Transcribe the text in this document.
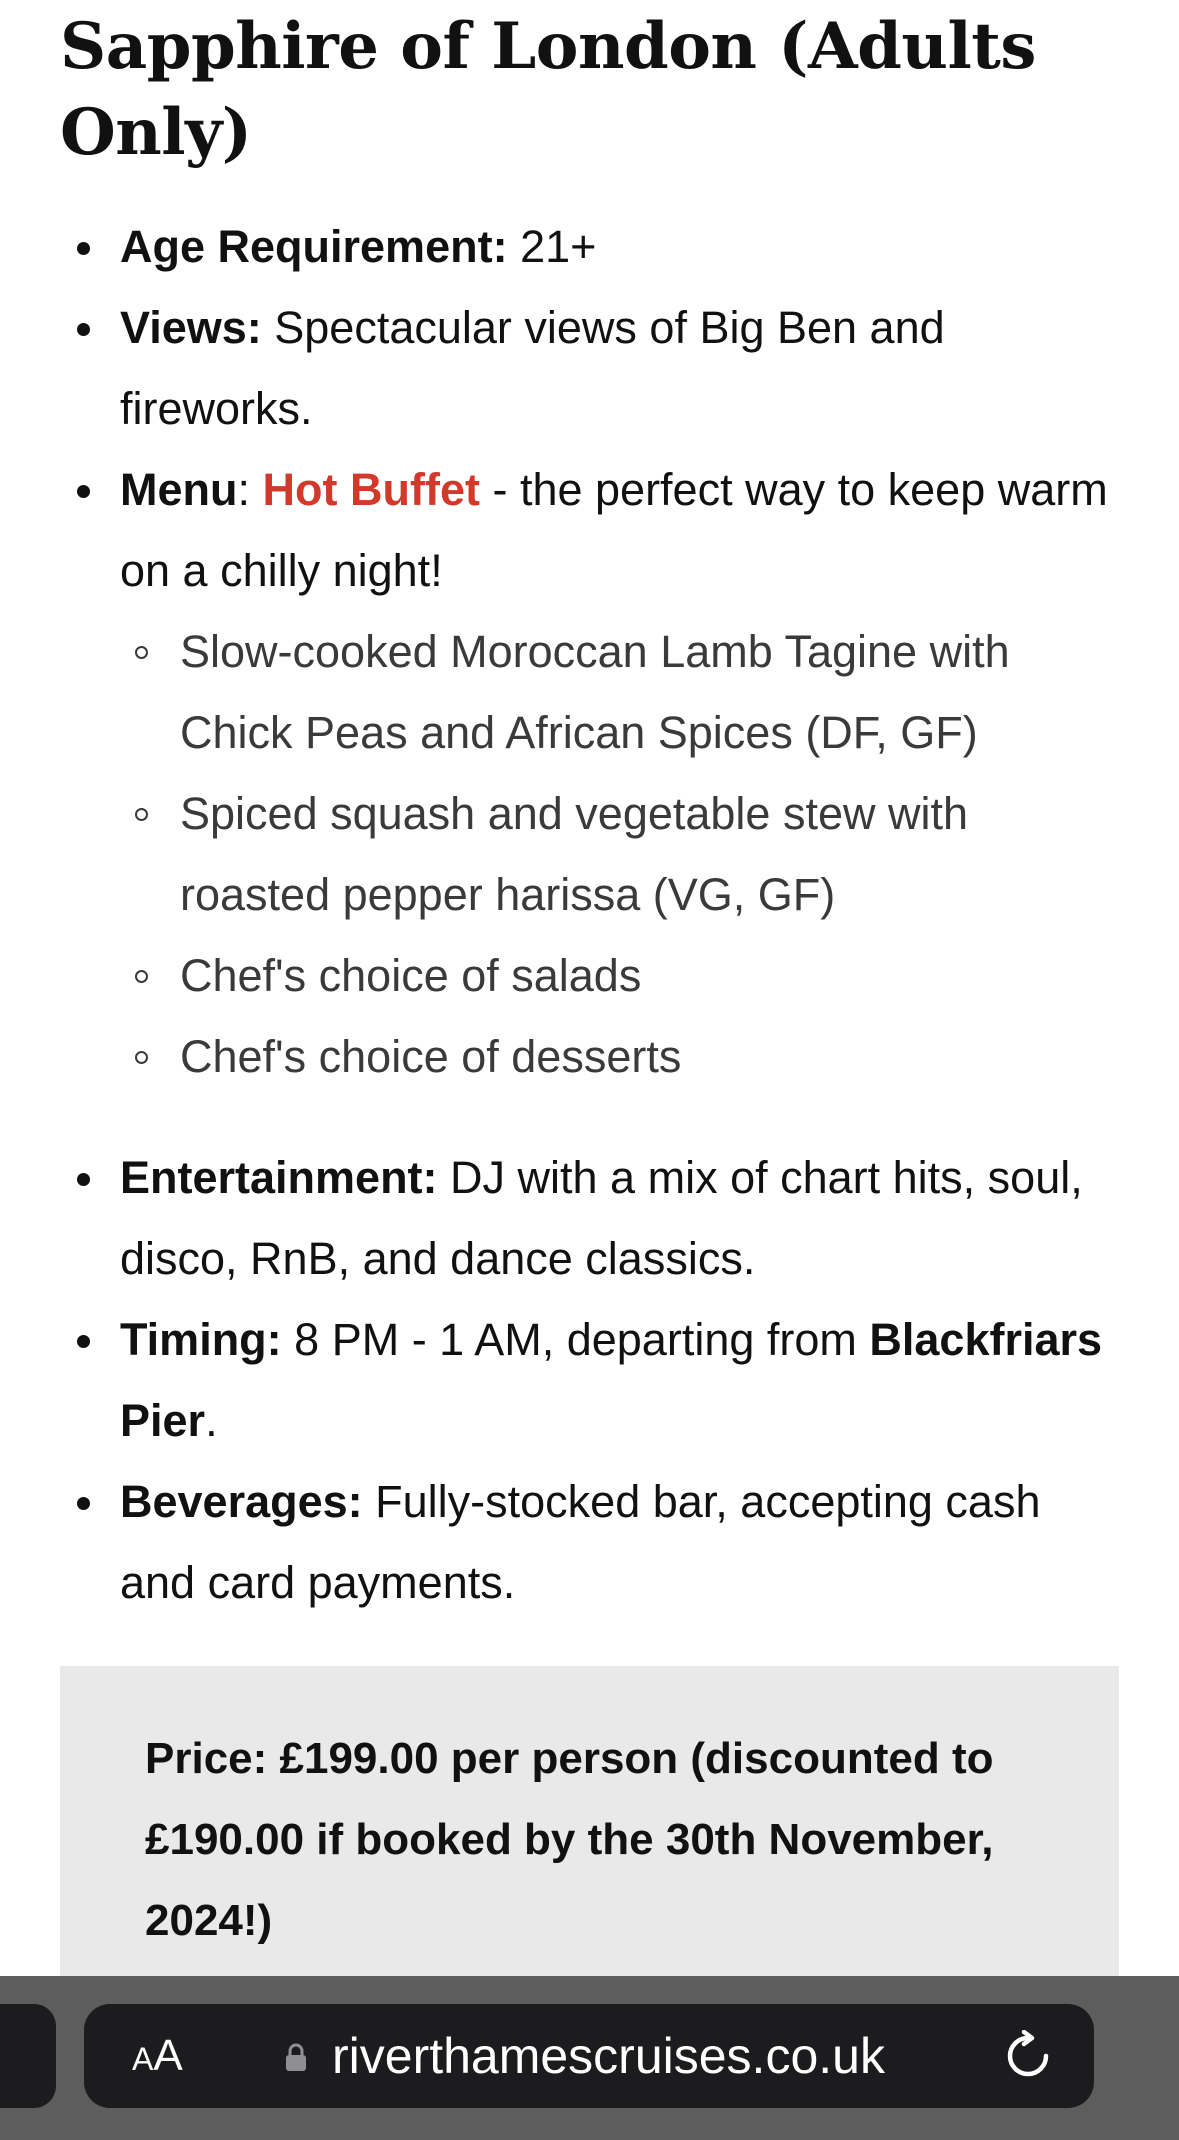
Sapphire of London (Adults Only)
Age Requirement: 21+
Views: Spectacular views of Big Ben and fireworks.
Menu: Hot Buffet - the perfect way to keep warm on a chilly night!
Slow-cooked Moroccan Lamb Tagine with Chick Peas and African Spices (DF, GF)
Spiced squash and vegetable stew with roasted pepper harissa (VG, GF)
Chef's choice of salads
Chef's choice of desserts
Entertainment: DJ with a mix of chart hits, soul, disco, RnB, and dance classics.
Timing: 8 PM - 1 AM, departing from Blackfriars Pier.
Beverages: Fully-stocked bar, accepting cash and card payments.
Price: £199.00 per person (discounted to £190.00 if booked by the 30th November, 2024!)
AA	riverthamescruises.co.uk
